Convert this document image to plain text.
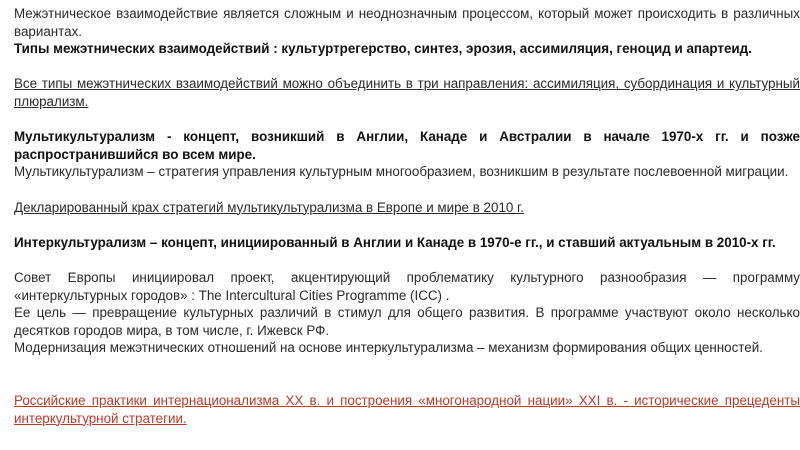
Межэтническое взаимодействие является сложным и неоднозначным процессом, который может происходить в различных вариантах.

Типы межэтнических взаимодействий : культуртрегерство, синтез, эрозия, ассимиляция, геноцид и апартеид.

Все типы межэтнических взаимодействий можно объединить в три направления: ассимиляция, субординация и культурный плюрализм.

Мультикультурализм - концепт, возникший в Англии, Канаде и Австралии в начале 1970-х гг. и позже распространившийся во всем мире.

Мультикультурализм – стратегия управления культурным многообразием, возникшим в результате послевоенной миграции.

Декларированный крах стратегий мультикультурализма в Европе и мире в 2010 г.

Интеркультурализм – концепт, инициированный в Англии и Канаде в 1970-е гг., и ставший актуальным в 2010-х гг.

Совет Европы инициировал проект, акцентирующий проблематику культурного разнообразия — программу «интеркультурных городов» : The Intercultural Cities Programme (ICC) .

Ее цель — превращение культурных различий в стимул для общего развития. В программе участвуют около несколько десятков городов мира, в том числе, г. Ижевск РФ.

Модернизация межэтнических отношений на основе интеркультурализма – механизм формирования общих ценностей.

Российские практики интернационализма XX в. и построения «многонародной нации» XXI в. - исторические прецеденты интеркультурной стратегии.
